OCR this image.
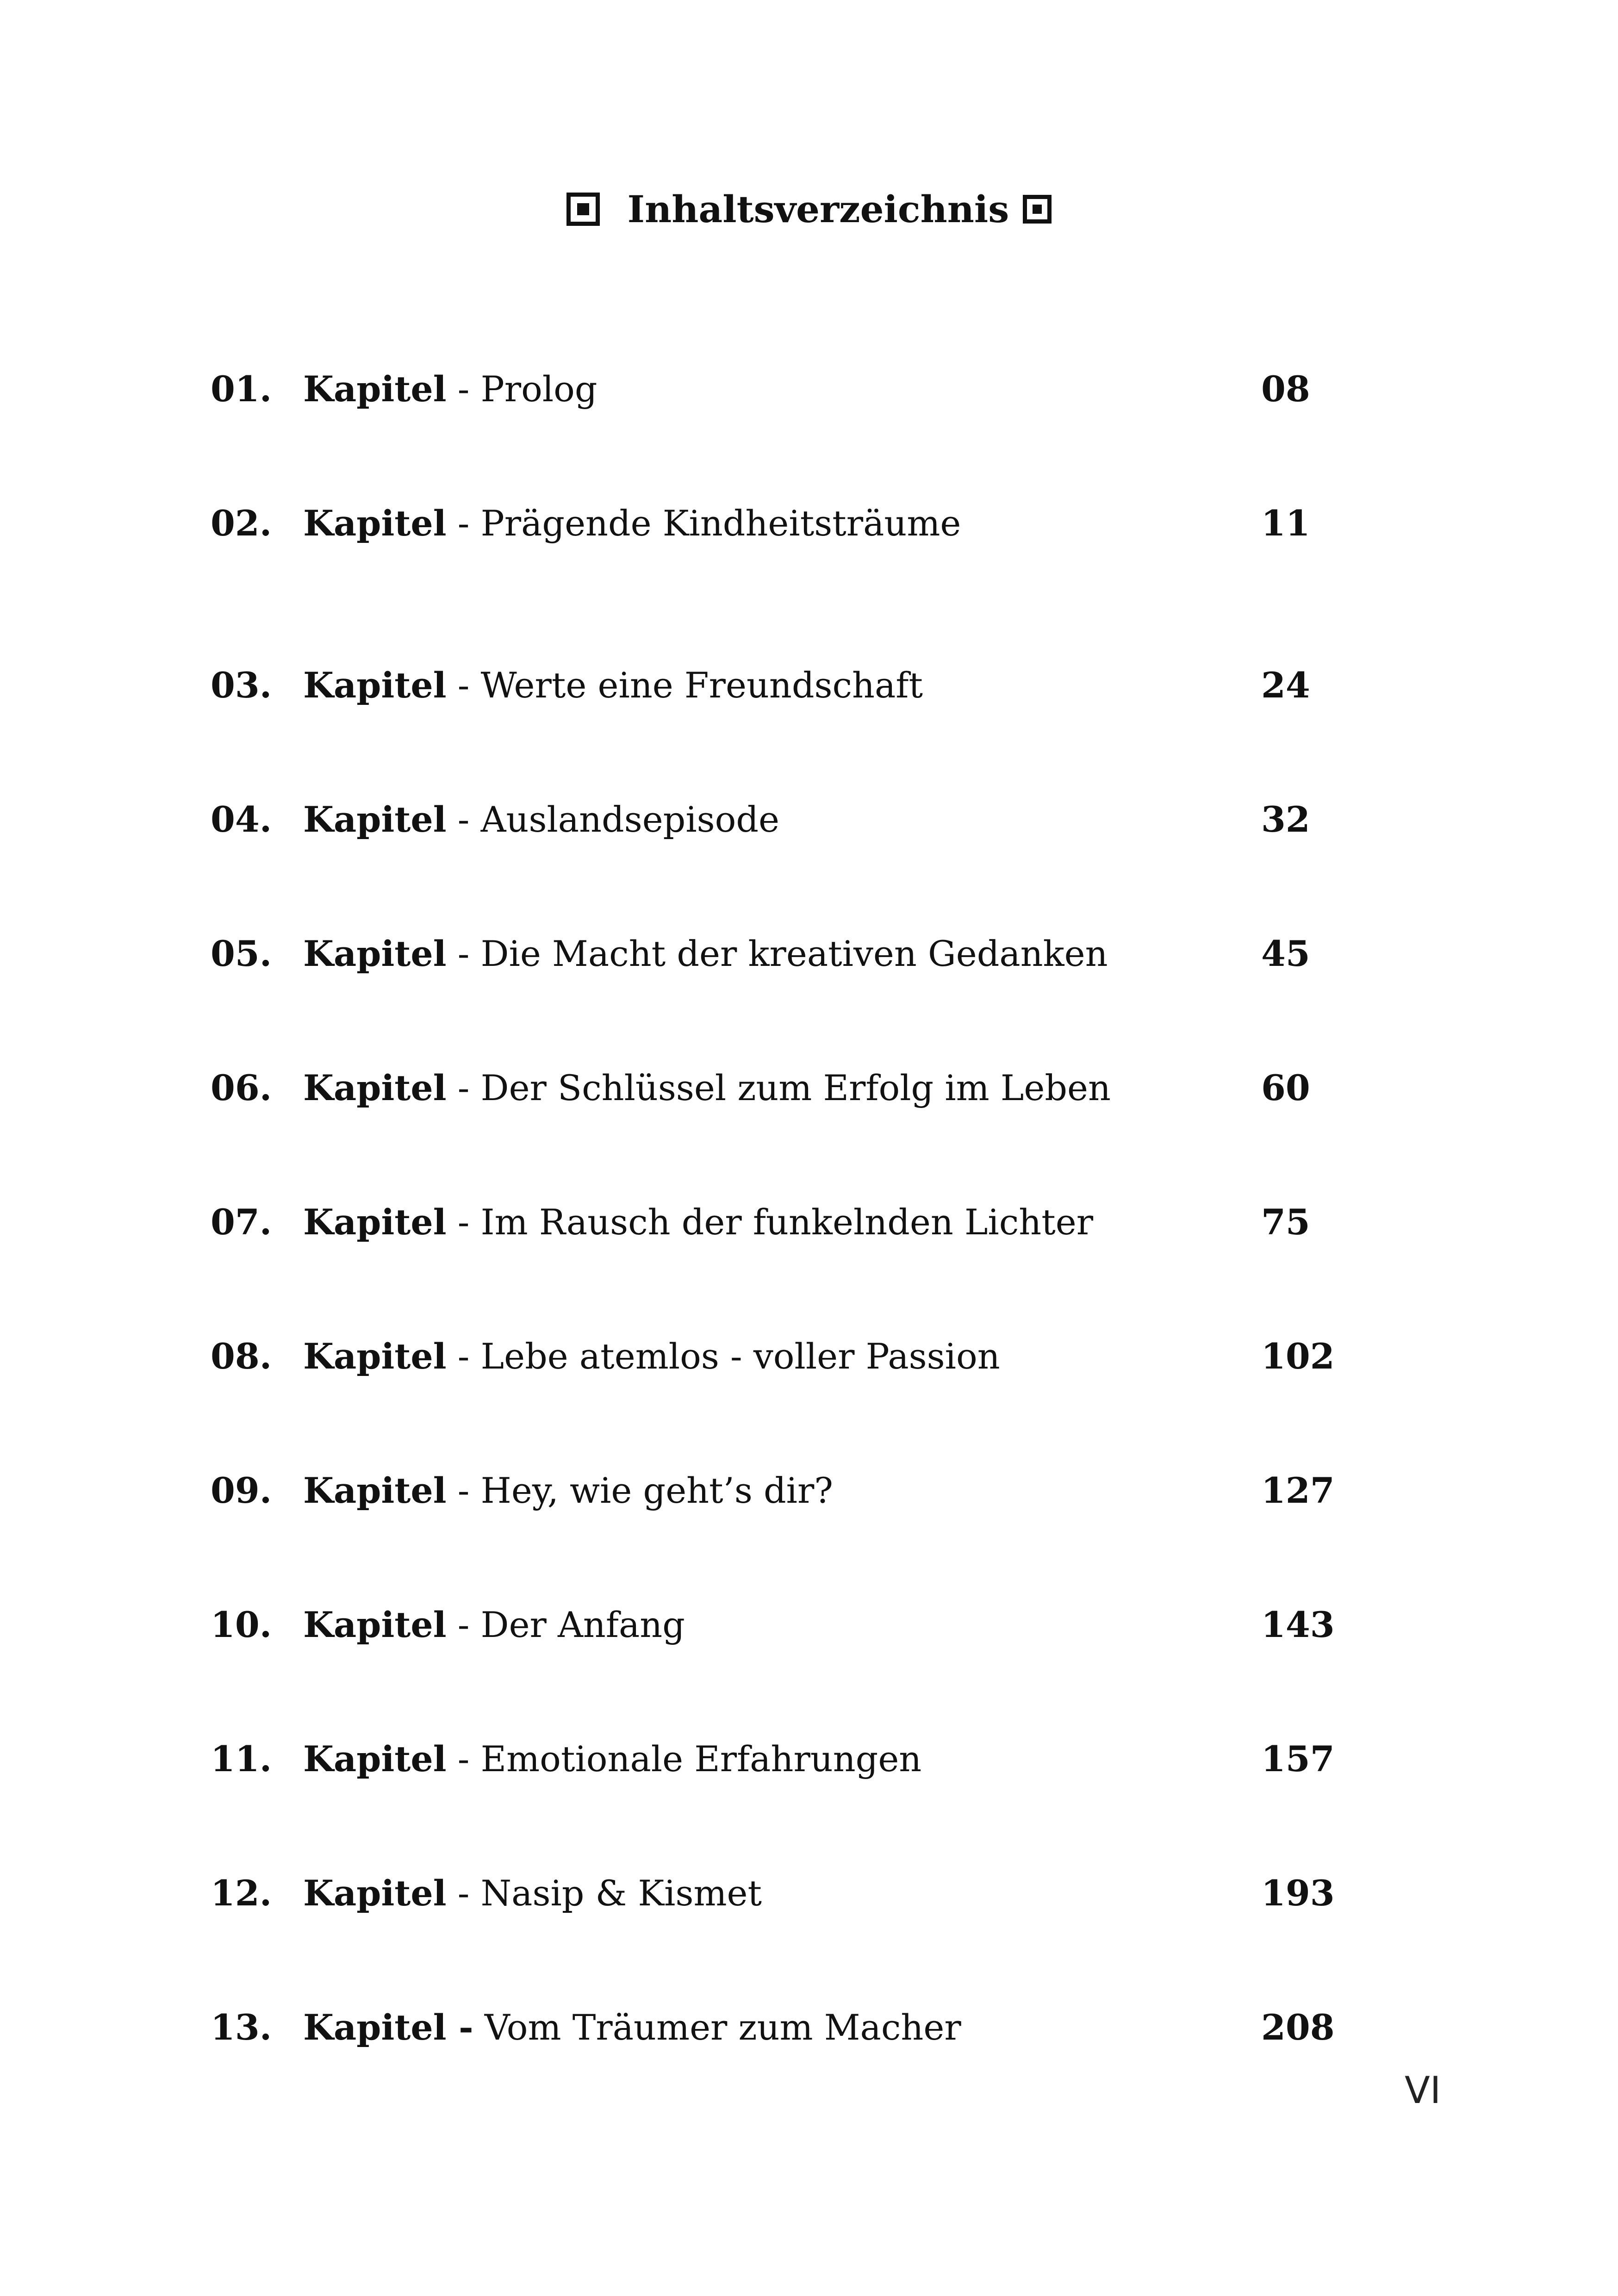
Inhaltsverzeichnis
01. Kapitel - Prolog	08
02. Kapitel - Prägende Kindheitsträume	11
03. Kapitel - Werte eine Freundschaft	24
04. Kapitel - Auslandsepisode	32
05. Kapitel - Die Macht der kreativen Gedanken	45
06. Kapitel - Der Schlüssel zum Erfolg im Leben	60
07. Kapitel - Im Rausch der funkelnden Lichter	75
08. Kapitel - Lebe atemlos - voller Passion	102
09. Kapitel - Hey, wie geht’s dir?	127
10. Kapitel - Der Anfang	143
11. Kapitel - Emotionale Erfahrungen	157
12. Kapitel - Nasip & Kismet	193
13. Kapitel - Vom Träumer zum Macher	208
VI
